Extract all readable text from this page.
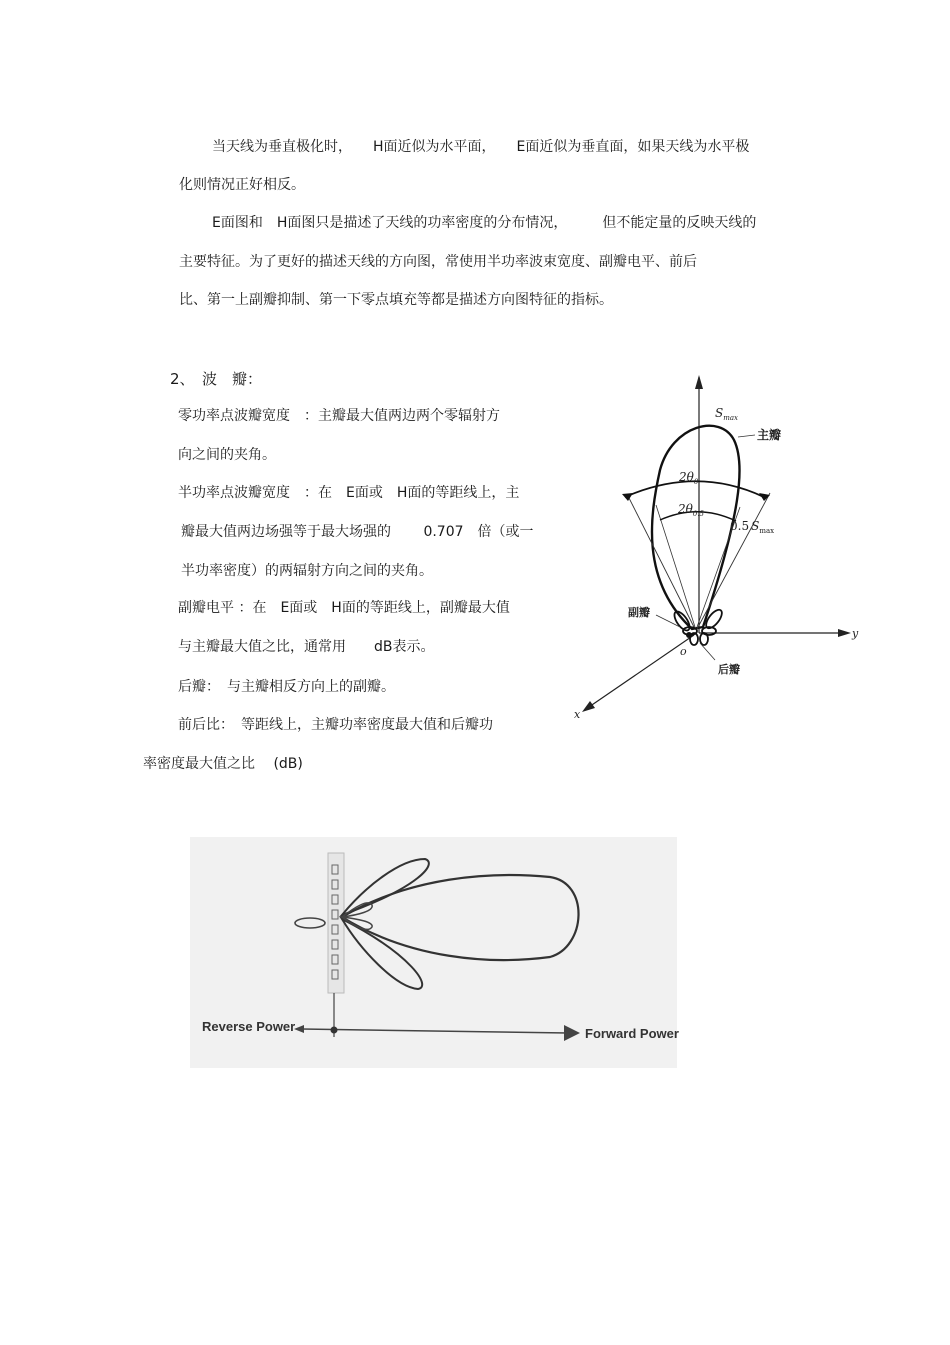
当天线为垂直极化时，　　H面近似为水平面，　　E面近似为垂直面，如果天线为水平极
化则情况正好相反。
E面图和　H面图只是描述了天线的功率密度的分布情况，　　　但不能定量的反映天线的
主要特征。为了更好的描述天线的方向图，常使用半功率波束宽度、副瓣电平、前后
比、第一上副瓣抑制、第一下零点填充等都是描述方向图特征的指标。
2、　波　瓣：
零功率点波瓣宽度　：主瓣最大值两边两个零辐射方
向之间的夹角。
半功率点波瓣宽度　：在　E面或　H面的等距线上，主
瓣最大值两边场强等于最大场强的　　 0.707　倍（或一
半功率密度）的两辐射方向之间的夹角。
副瓣电平 ：在　E面或　H面的等距线上，副瓣最大值
与主瓣最大值之比，通常用　　dB表示。
后瓣：　与主瓣相反方向上的副瓣。
前后比：　等距线上，主瓣功率密度最大值和后瓣功
率密度最大值之比　 (dB)
$S_{max}$
主瓣
$2\theta_0$
$2\theta_{0.5}$
0.5 $S_{max}$
副瓣
后瓣
o
x
y
Reverse Power	Forward Power
